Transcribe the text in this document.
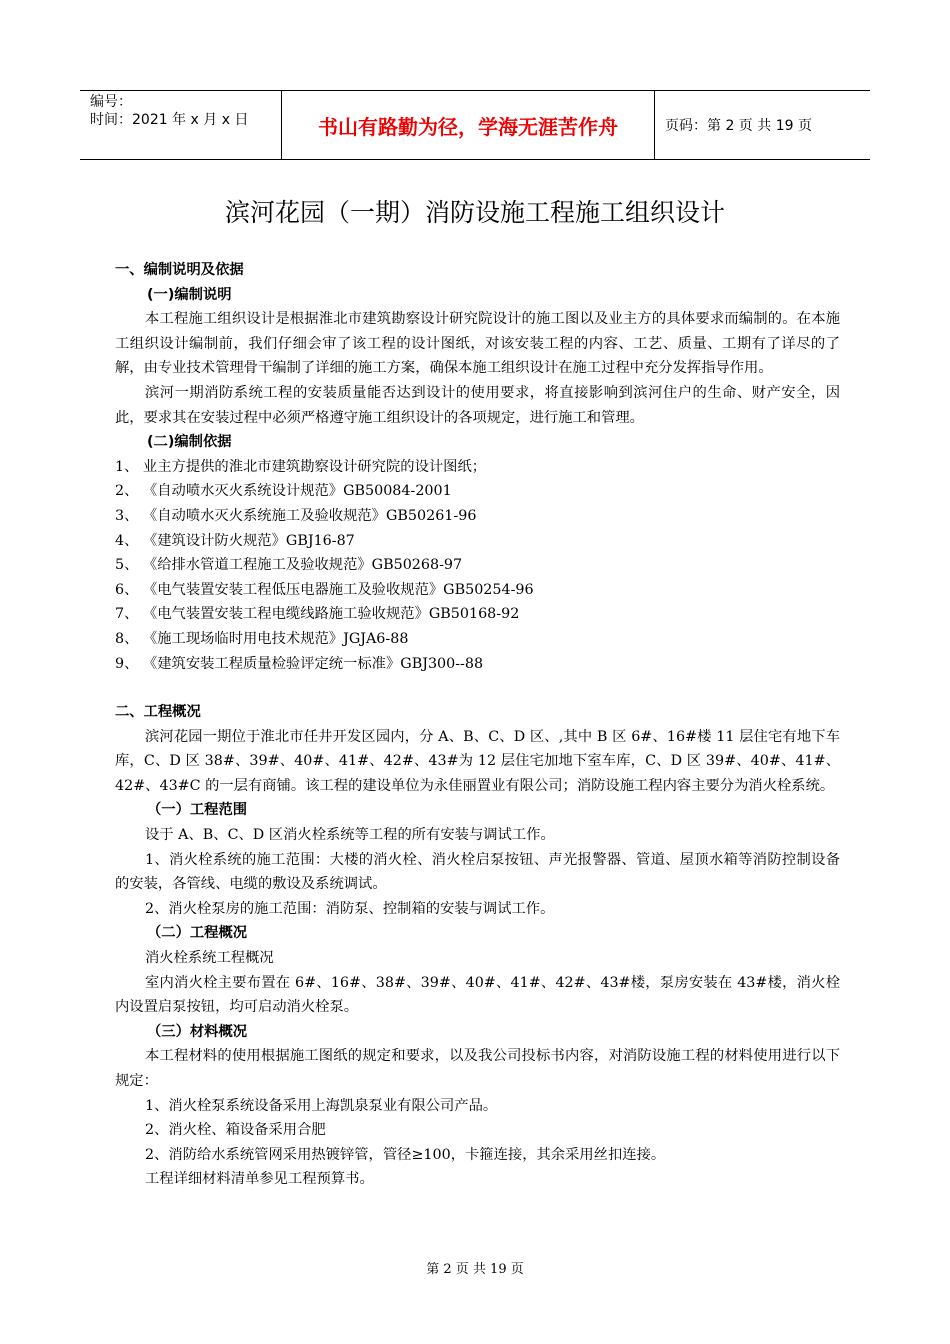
编号：
时间：2021 年 x 月 x 日	书山有路勤为径，学海无涯苦作舟	页码：第 2 页 共 19 页
滨河花园（一期）消防设施工程施工组织设计

一、编制说明及依据

(一)编制说明

本工程施工组织设计是根据淮北市建筑勘察设计研究院设计的施工图以及业主方的具体要求而编制的。在本施工组织设计编制前，我们仔细会审了该工程的设计图纸，对该安装工程的内容、工艺、质量、工期有了详尽的了解，由专业技术管理骨干编制了详细的施工方案，确保本施工组织设计在施工过程中充分发挥指导作用。

滨河一期消防系统工程的安装质量能否达到设计的使用要求，将直接影响到滨河住户的生命、财产安全，因此，要求其在安装过程中必须严格遵守施工组织设计的各项规定，进行施工和管理。

(二)编制依据

1、 业主方提供的淮北市建筑勘察设计研究院的设计图纸；

2、 《自动喷水灭火系统设计规范》GB50084-2001

3、 《自动喷水灭火系统施工及验收规范》GB50261-96

4、 《建筑设计防火规范》GBJ16-87

5、 《给排水管道工程施工及验收规范》GB50268-97

6、 《电气装置安装工程低压电器施工及验收规范》GB50254-96

7、 《电气装置安装工程电缆线路施工验收规范》GB50168-92

8、 《施工现场临时用电技术规范》JGJA6-88

9、 《建筑安装工程质量检验评定统一标准》GBJ300--88

二、工程概况

滨河花园一期位于淮北市任井开发区园内，分 A、B、C、D 区、,其中 B 区 6#、16#楼 11 层住宅有地下车库，C、D 区 38#、39#、40#、41#、42#、43#为 12 层住宅加地下室车库，C、D 区 39#、40#、41#、42#、43#C 的一层有商铺。该工程的建设单位为永佳丽置业有限公司；消防设施工程内容主要分为消火栓系统。

（一）工程范围

设于 A、B、C、D 区消火栓系统等工程的所有安装与调试工作。

1、消火栓系统的施工范围：大楼的消火栓、消火栓启泵按钮、声光报警器、管道、屋顶水箱等消防控制设备的安装，各管线、电缆的敷设及系统调试。

2、消火栓泵房的施工范围：消防泵、控制箱的安装与调试工作。

（二）工程概况

消火栓系统工程概况

室内消火栓主要布置在 6#、16#、38#、39#、40#、41#、42#、43#楼，泵房安装在 43#楼，消火栓内设置启泵按钮，均可启动消火栓泵。

（三）材料概况

本工程材料的使用根据施工图纸的规定和要求，以及我公司投标书内容，对消防设施工程的材料使用进行以下规定：

1、消火栓泵系统设备采用上海凯泉泵业有限公司产品。

2、消火栓、箱设备采用合肥

2、消防给水系统管网采用热镀锌管，管径≥100，卡箍连接，其余采用丝扣连接。

工程详细材料清单参见工程预算书。

第 2 页 共 19 页
